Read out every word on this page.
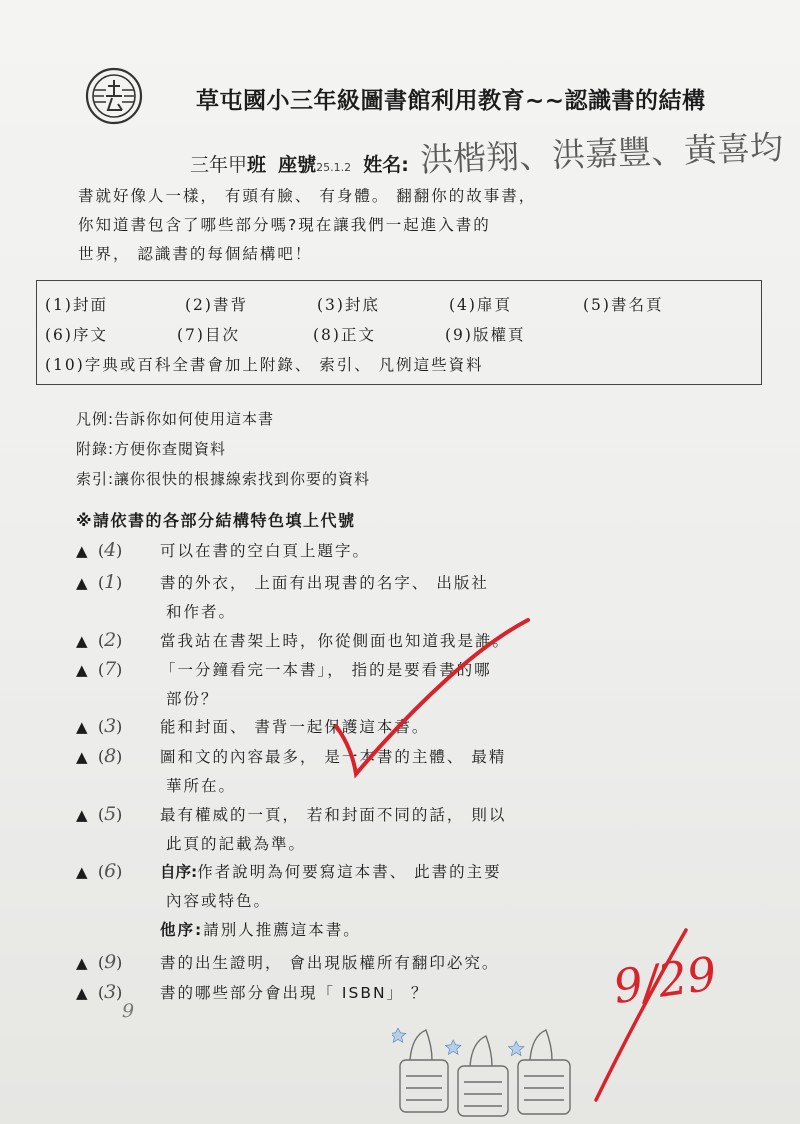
草屯國小三年級圖書館利用教育~~認識書的結構
三年甲班 座號25.1.2 姓名: 洪楷翔、洪嘉豐、黃喜均

書就好像人一樣， 有頭有臉、 有身體。 翻翻你的故事書，

你知道書包含了哪些部分嗎?現在讓我們一起進入書的

世界， 認識書的每個結構吧！

(1)封面	(2)書背	(3)封底	(4)扉頁	(5)書名頁
(6)序文	(7)目次	(8)正文	(9)版權頁
(10)字典或百科全書會加上附錄、 索引、 凡例這些資料

凡例:告訴你如何使用這本書

附錄:方便你查閱資料

索引:讓你很快的根據線索找到你要的資料

※請依書的各部分結構特色填上代號
▲ (4) 可以在書的空白頁上題字。
▲ (1) 書的外衣， 上面有出現書的名字、 出版社
和作者。
▲ (2) 當我站在書架上時，你從側面也知道我是誰。
▲ (7) 「一分鐘看完一本書」， 指的是要看書的哪
部份？
▲ (3) 能和封面、 書背一起保護這本書。
▲ (8) 圖和文的內容最多， 是一本書的主體、 最精
華所在。
▲ (5) 最有權威的一頁， 若和封面不同的話， 則以
此頁的記載為準。
▲ (6) 自序:作者說明為何要寫這本書、 此書的主要
內容或特色。
他序:請別人推薦這本書。
▲ (9) 書的出生證明， 會出現版權所有翻印必究。
▲ (3) 書的哪些部分會出現「 ISBN」 ？
9	9/29
